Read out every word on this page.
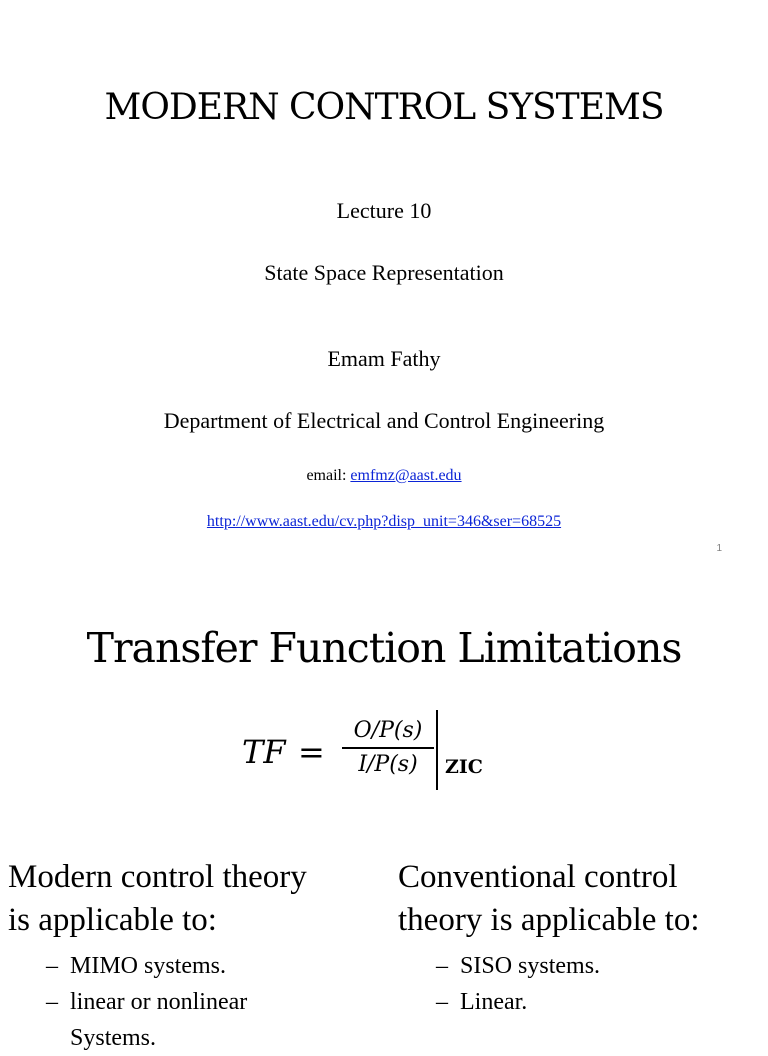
MODERN CONTROL SYSTEMS
Lecture 10
State Space Representation
Emam Fathy
Department of Electrical and Control Engineering
email: emfmz@aast.edu
http://www.aast.edu/cv.php?disp_unit=346&ser=68525
1
Transfer Function Limitations
TF =
O/P(s)
I/P(s)	ZIC
Modern control theory
is applicable to:
– MIMO systems.
– linear or nonlinear
Systems.
Conventional control
theory is applicable to:
– SISO systems.
– Linear.
